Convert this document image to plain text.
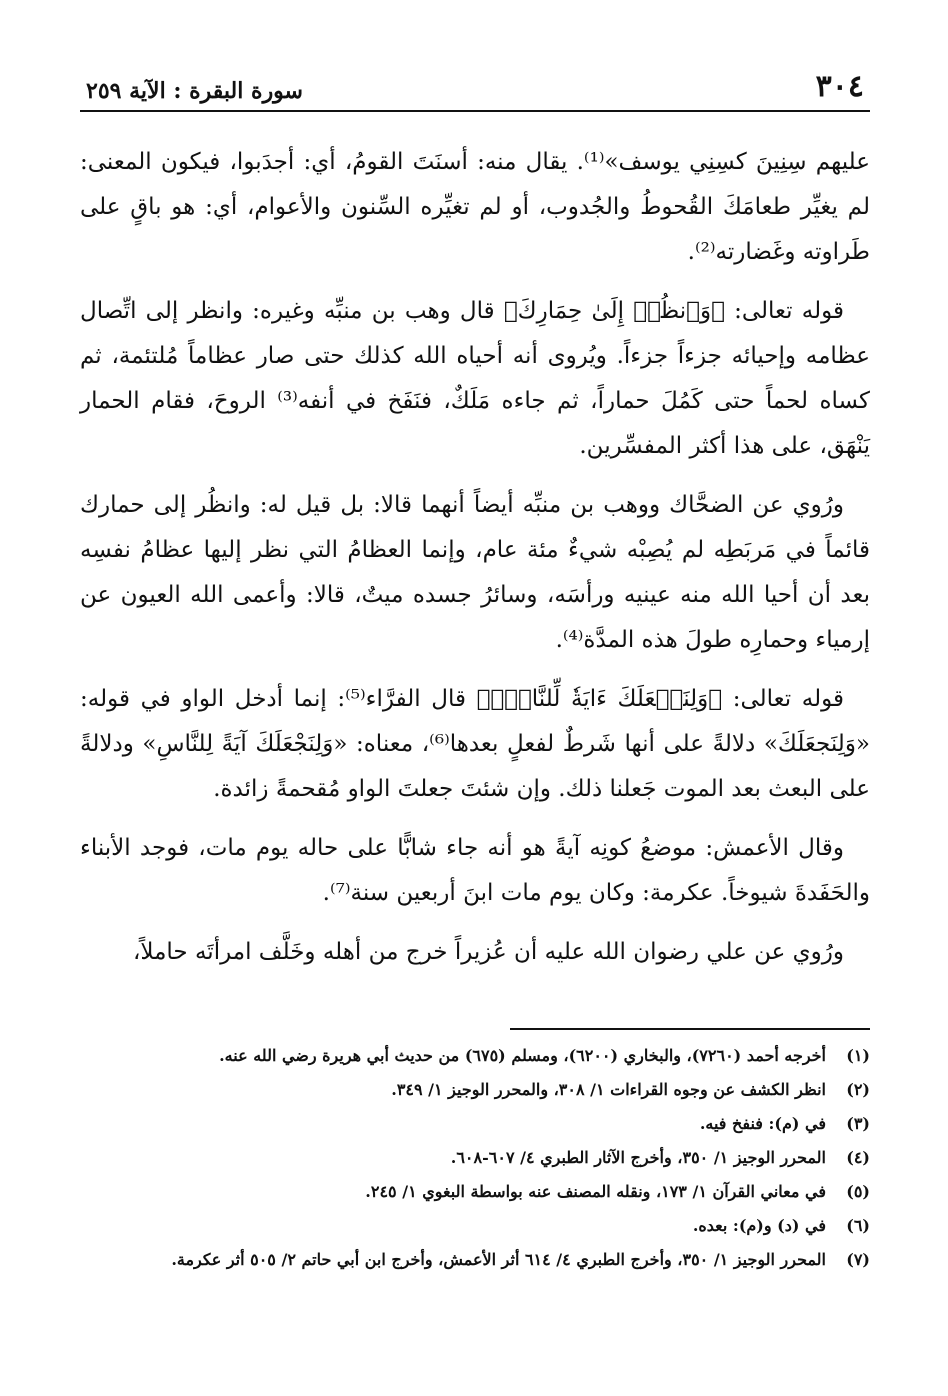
٣٠٤
سورة البقرة : الآية ٢٥٩

عليهم سِنِينَ كسِنِي يوسف»⁽¹⁾. يقال منه: أسنَتَ القومُ، أي: أجدَبوا، فيكون المعنى: لم يغيِّر طعامَكَ القُحوطُ والجُدوب، أو لم تغيِّره السِّنون والأعوام، أي: هو باقٍ على طَراوته وغَضارته⁽²⁾.

قوله تعالى: ﴿وَٱنظُرۡ إِلَىٰ حِمَارِكَ﴾ قال وهب بن منبِّه وغيره: وانظر إلى اتِّصال عظامه وإحيائه جزءاً جزءاً. ويُروى أنه أحياه الله كذلك حتى صار عظاماً مُلتئمة، ثم كساه لحماً حتى كَمُلَ حماراً، ثم جاءه مَلَكٌ، فنَفَخ في أنفه⁽³⁾ الروحَ، فقام الحمار يَنْهَق، على هذا أكثر المفسِّرين.

ورُوي عن الضحَّاك ووهب بن منبِّه أيضاً أنهما قالا: بل قيل له: وانظُر إلى حمارك قائماً في مَربَطِه لم يُصِبْه شيءٌ مئة عام، وإنما العظامُ التي نظر إليها عظامُ نفسِه بعد أن أحيا الله منه عينيه ورأسَه، وسائرُ جسده ميتٌ، قالا: وأعمى الله العيون عن إرمياء وحمارِه طولَ هذه المدَّة⁽⁴⁾.

قوله تعالى: ﴿وَلِنَجۡعَلَكَ ءَايَةٗ لِّلنَّاسِۖ﴾ قال الفرَّاء⁽⁵⁾: إنما أدخل الواو في قوله: «وَلِنَجعَلَكَ» دلالةً على أنها شَرطٌ لفعلٍ بعدها⁽⁶⁾، معناه: «وَلِنَجْعَلَكَ آيَةً لِلنَّاسِ» ودلالةً على البعث بعد الموت جَعلنا ذلك. وإن شئتَ جعلتَ الواو مُقحمةً زائدة.

وقال الأعمش: موضعُ كونِه آيةً هو أنه جاء شابًّا على حاله يوم مات، فوجد الأبناء والحَفَدةَ شيوخاً. عكرمة: وكان يوم مات ابنَ أربعين سنة⁽⁷⁾.

ورُوي عن علي رضوان الله عليه أن عُزيراً خرج من أهله وخَلَّف امرأتَه حاملاً،

(١)
أخرجه أحمد (٧٢٦٠)، والبخاري (٦٢٠٠)، ومسلم (٦٧٥) من حديث أبي هريرة رضي الله عنه.
(٢)
انظر الكشف عن وجوه القراءات ١/ ٣٠٨، والمحرر الوجيز ١/ ٣٤٩.
(٣)
في (م): فنفخ فيه.
(٤)
المحرر الوجيز ١/ ٣٥٠، وأخرج الآثار الطبري ٤/ ٦٠٧-٦٠٨.
(٥)
في معاني القرآن ١/ ١٧٣، ونقله المصنف عنه بواسطة البغوي ١/ ٢٤٥.
(٦)
في (د) و(م): بعده.
(٧)
المحرر الوجيز ١/ ٣٥٠، وأخرج الطبري ٤/ ٦١٤ أثر الأعمش، وأخرج ابن أبي حاتم ٢/ ٥٠٥ أثر عكرمة.
